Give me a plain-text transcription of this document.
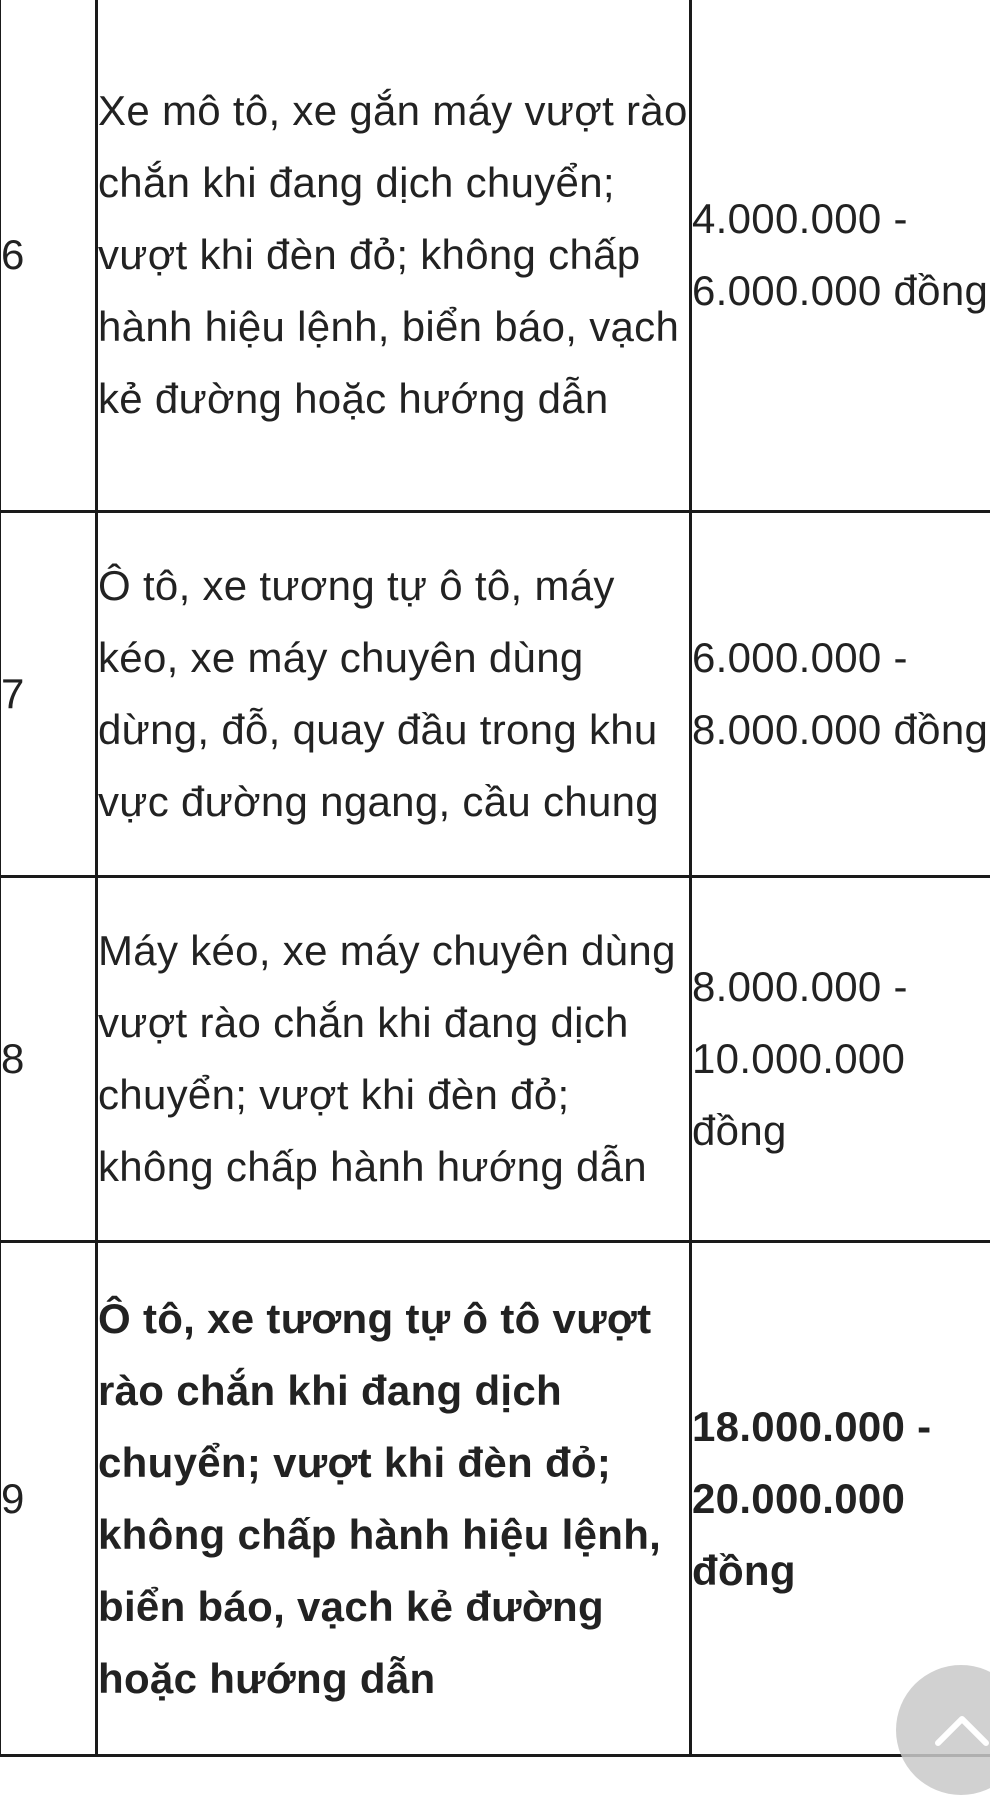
6	Xe mô tô, xe gắn máy vượt rào chắn khi đang dịch chuyển; vượt khi đèn đỏ; không chấp hành hiệu lệnh, biển báo, vạch kẻ đường hoặc hướng dẫn	4.000.000 - 6.000.000 đồng
7	Ô tô, xe tương tự ô tô, máy kéo, xe máy chuyên dùng dừng, đỗ, quay đầu trong khu vực đường ngang, cầu chung	6.000.000 - 8.000.000 đồng
8	Máy kéo, xe máy chuyên dùng vượt rào chắn khi đang dịch chuyển; vượt khi đèn đỏ; không chấp hành hướng dẫn	8.000.000 - 10.000.000 đồng
9	Ô tô, xe tương tự ô tô vượt rào chắn khi đang dịch chuyển; vượt khi đèn đỏ; không chấp hành hiệu lệnh, biển báo, vạch kẻ đường hoặc hướng dẫn	18.000.000 - 20.000.000 đồng
